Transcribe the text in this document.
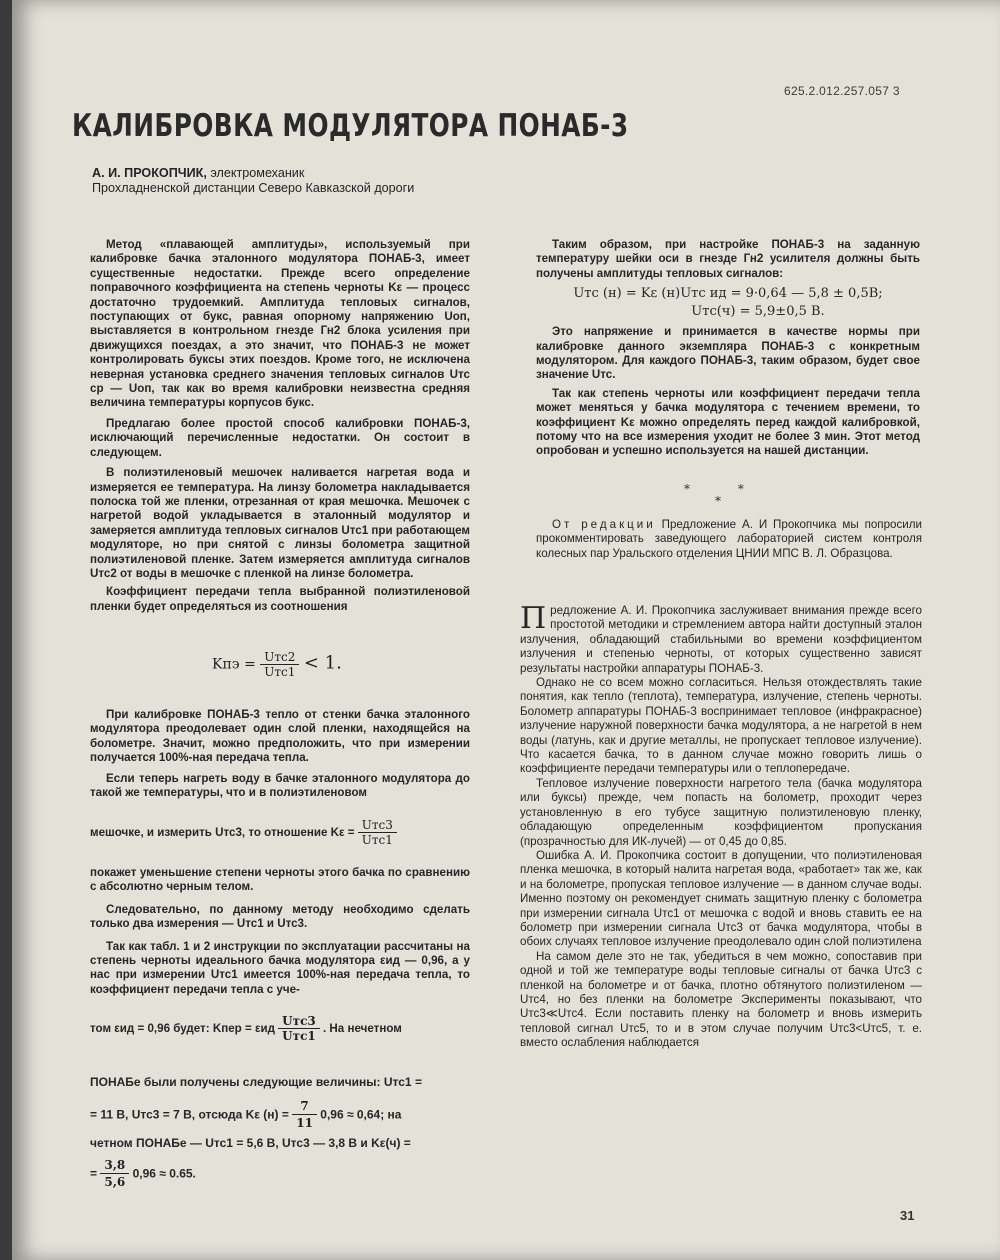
625.2.012.257.057 3
КАЛИБРОВКА МОДУЛЯТОРА ПОНАБ-3
А. И. ПРОКОПЧИК, электромеханик
Прохладненской дистанции Северо Кавказской дороги

Метод «плавающей амплитуды», используемый при калибровке бачка эталонного модулятора ПОНАБ-3, имеет существенные недостатки. Прежде всего определение поправочного коэффициента на степень черноты Kε — процесс достаточно трудоемкий. Амплитуда тепловых сигналов, поступающих от букс, равная опорному напряжению Uоп, выставляется в контрольном гнезде Гн2 блока усиления при движущихся поездах, а это значит, что ПОНАБ-3 не может контролировать буксы этих поездов. Кроме того, не исключена неверная установка среднего значения тепловых сигналов Uтс ср — Uоп, так как во время калибровки неизвестна средняя величина температуры корпусов букс.

Предлагаю более простой способ калибровки ПОНАБ-3, исключающий перечисленные недостатки. Он состоит в следующем.

В полиэтиленовый мешочек наливается нагретая вода и измеряется ее температура. На линзу болометра накладывается полоска той же пленки, отрезанная от края мешочка. Мешочек с нагретой водой укладывается в эталонный модулятор и замеряется амплитуда тепловых сигналов Uтс1 при работающем модуляторе, но при снятой с линзы болометра защитной полиэтиленовой пленке. Затем измеряется амплитуда сигналов Uтс2 от воды в мешочке с пленкой на линзе болометра.

Коэффициент передачи тепла выбранной полиэтиленовой пленки будет определяться из соотношения

Kпэ = $\frac{\text{Uтс2}}{\text{Uтс1}} < 1$.

При калибровке ПОНАБ-3 тепло от стенки бачка эталонного модулятора преодолевает один слой пленки, находящейся на болометре. Значит, можно предположить, что при измерении получается 100%-ная передача тепла.

Если теперь нагреть воду в бачке эталонного модулятора до такой же температуры, что и в полиэтиленовом

мешочке, и измерить Uтс3, то отношение $K\varepsilon = \frac{\text{Uтс3}}{\text{Uтс1}}$

покажет уменьшение степени черноты этого бачка по сравнению с абсолютно черным телом.

Следовательно, по данному методу необходимо сделать только два измерения — Uтс1 и Uтс3.

Так как табл. 1 и 2 инструкции по эксплуатации рассчитаны на степень черноты идеального бачка модулятора εид — 0,96, а у нас при измерении Uтс1 имеется 100%-ная передача тепла, то коэффициент передачи тепла с уче-

том εид = 0,96 будет: Kпер = εид $\frac{\text{Uтс3}}{\text{Uтс1}}$ . На нечетном
ПОНАБе были получены следующие величины: Uтс1 =
= 11 В, Uтс3 = 7 В, отсюда Kε $(н) = \frac{7}{11} 0,96 \approx 0,64$; на
четном ПОНАБе — Uтс1 = 5,6 В, Uтс3 — 3,8 В и Kε(ч) =
= $\frac{3,8}{5,6} 0,96 \approx 0.65$.

Таким образом, при настройке ПОНАБ-3 на заданную температуру шейки оси в гнезде Гн2 усилителя должны быть получены амплитуды тепловых сигналов:

Uтс (н) = Kε (н)Uтс ид = 9·0,64 — 5,8 ± 0,5В;
Uтс(ч) = 5,9±0,5 В.

Это напряжение и принимается в качестве нормы при калибровке данного экземпляра ПОНАБ-3 с конкретным модулятором. Для каждого ПОНАБ-3, таким образом, будет свое значение Uтс.

Так как степень черноты или коэффициент передачи тепла может меняться у бачка модулятора с течением времени, то коэффициент Kε можно определять перед каждой калибровкой, потому что на все измерения уходит не более 3 мин. Этот метод опробован и успешно используется на нашей дистанции.

* *
*

От редакции Предложение А. И Прокопчика мы попросили прокомментировать заведующего лабораторией систем контроля колесных пар Уральского отделения ЦНИИ МПС В. Л. Образцова.

Предложение А. И. Прокопчика заслуживает внимания прежде всего простотой методики и стремлением автора найти доступный эталон излучения, обладающий стабильными во времени коэффициентом излучения и степенью черноты, от которых существенно зависят результаты настройки аппаратуры ПОНАБ-3.

Однако не со всем можно согласиться. Нельзя отождествлять такие понятия, как тепло (теплота), температура, излучение, степень черноты. Болометр аппаратуры ПОНАБ-3 воспринимает тепловое (инфракрасное) излучение наружной поверхности бачка модулятора, а не нагретой в нем воды (латунь, как и другие металлы, не пропускает тепловое излучение). Что касается бачка, то в данном случае можно говорить лишь о коэффициенте передачи температуры или о теплопередаче.

Тепловое излучение поверхности нагретого тела (бачка модулятора или буксы) прежде, чем попасть на болометр, проходит через установленную в его тубусе защитную полиэтиленовую пленку, обладающую определенным коэффициентом пропускания (прозрачностью для ИК-лучей) — от 0,45 до 0,85.

Ошибка А. И. Прокопчика состоит в допущении, что полиэтиленовая пленка мешочка, в который налита нагретая вода, «работает» так же, как и на болометре, пропуская тепловое излучение — в данном случае воды. Именно поэтому он рекомендует снимать защитную пленку с болометра при измерении сигнала Uтс1 от мешочка с водой и вновь ставить ее на болометр при измерении сигнала Uтс3 от бачка модулятора, чтобы в обоих случаях тепловое излучение преодолевало один слой полиэтилена

На самом деле это не так, убедиться в чем можно, сопоставив при одной и той же температуре воды тепловые сигналы от бачка Uтс3 с пленкой на болометре и от бачка, плотно обтянутого полиэтиленом — Uтс4, но без пленки на болометре Эксперименты показывают, что Uтс3≪Uтс4. Если поставить пленку на болометр и вновь измерить тепловой сигнал Uтс5, то и в этом случае получим Uтс3<Uтс5, т. е. вместо ослабления наблюдается

31
